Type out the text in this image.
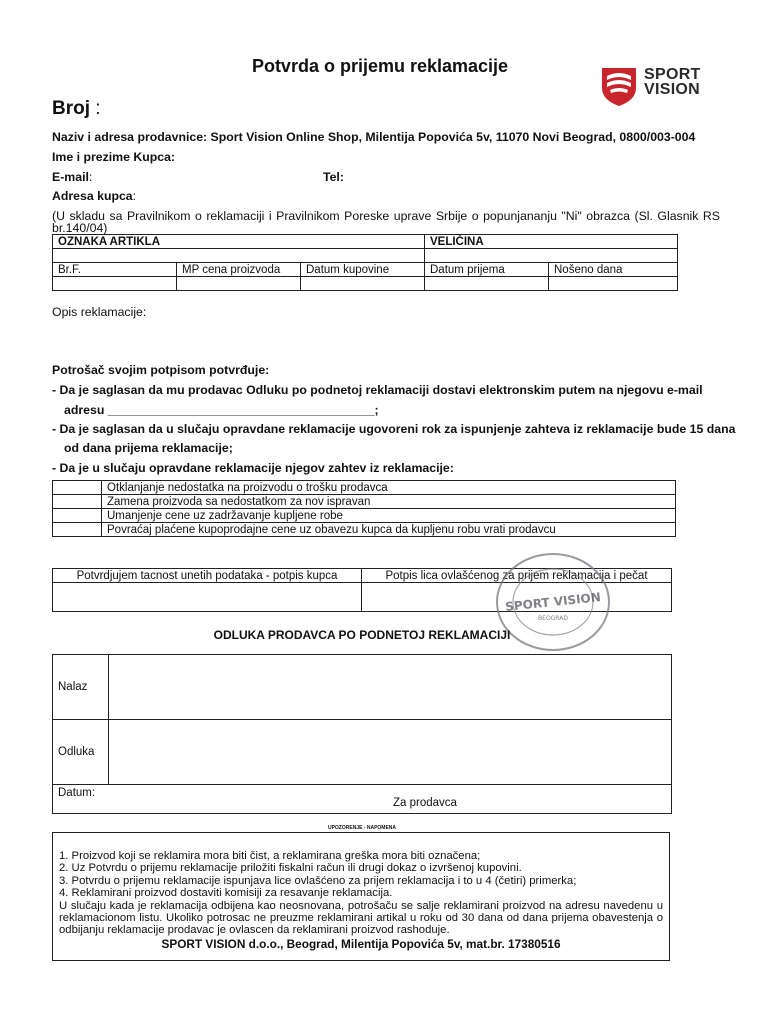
Potvrda o prijemu reklamacije	SPORT
VISION
Broj :
Naziv i adresa prodavnice: Sport Vision Online Shop, Milentija Popovića 5v, 11070 Novi Beograd, 0800/003-004
Ime i prezime Kupca:
E-mail:	Tel:
Adresa kupca:
(U skladu sa Pravilnikom o reklamaciji i Pravilnikom Poreske uprave Srbije o popunjananju "Ni" obrazca (Sl. Glasnik RS
br.140/04)
OZNAKA ARTIKLA			VELIČINA	

Br.F.	MP cena proizvoda	Datum kupovine	Datum prijema	Nošeno dana

Opis reklamacije:
Potrošač svojim potpisom potvrđuje:
- Da je saglasan da mu prodavac Odluku po podnetoj reklamaciji dostavi elektronskim putem na njegovu e-mail
adresu _______________________________________;
- Da je saglasan da u slučaju opravdane reklamacije ugovoreni rok za ispunjenje zahteva iz reklamacije bude 15 dana
od dana prijema reklamacije;
- Da je u slučaju opravdane reklamacije njegov zahtev iz reklamacije:
	Otklanjanje nedostatka na proizvodu o trošku prodavca
	Zamena proizvoda sa nedostatkom za nov ispravan
	Umanjenje cene uz zadržavanje kupljene robe
	Povraćaj plaćene kupoprodajne cene uz obavezu kupca da kupljenu robu vrati prodavcu
Potvrdjujem tacnost unetih podataka - potpis kupca	Potpis lica ovlašćenog za prijem reklamacija i pečat

SPORT VISION
BEOGRAD
ODLUKA PRODAVCA PO PODNETOJ REKLAMACIJI
Nalaz	
Odluka	
Datum:
Za prodavca	
UPOZORENJE - NAPOMENA

1. Proizvod koji se reklamira mora biti čist, a reklamirana greška mora biti označena;

2. Uz Potvrdu o prijemu reklamacije priložiti fiskalni račun ili drugi dokaz o izvršenoj kupovini.

3. Potvrdu o prijemu reklamacije ispunjava lice ovlašćeno za prijem reklamacija i to u 4 (četiri) primerka;

4. Reklamirani proizvod dostaviti komisiji za resavanje reklamacija.

U slučaju kada je reklamacija odbijena kao neosnovana, potrošaču se salje reklamirani proizvod na adresu navedenu u reklamacionom listu. Ukoliko potrosac ne preuzme reklamirani artikal u roku od 30 dana od dana prijema obavestenja o odbijanju reklamacije prodavac je ovlascen da reklamirani proizvod rashoduje.

SPORT VISION d.o.o., Beograd, Milentija Popovića 5v, mat.br. 17380516
